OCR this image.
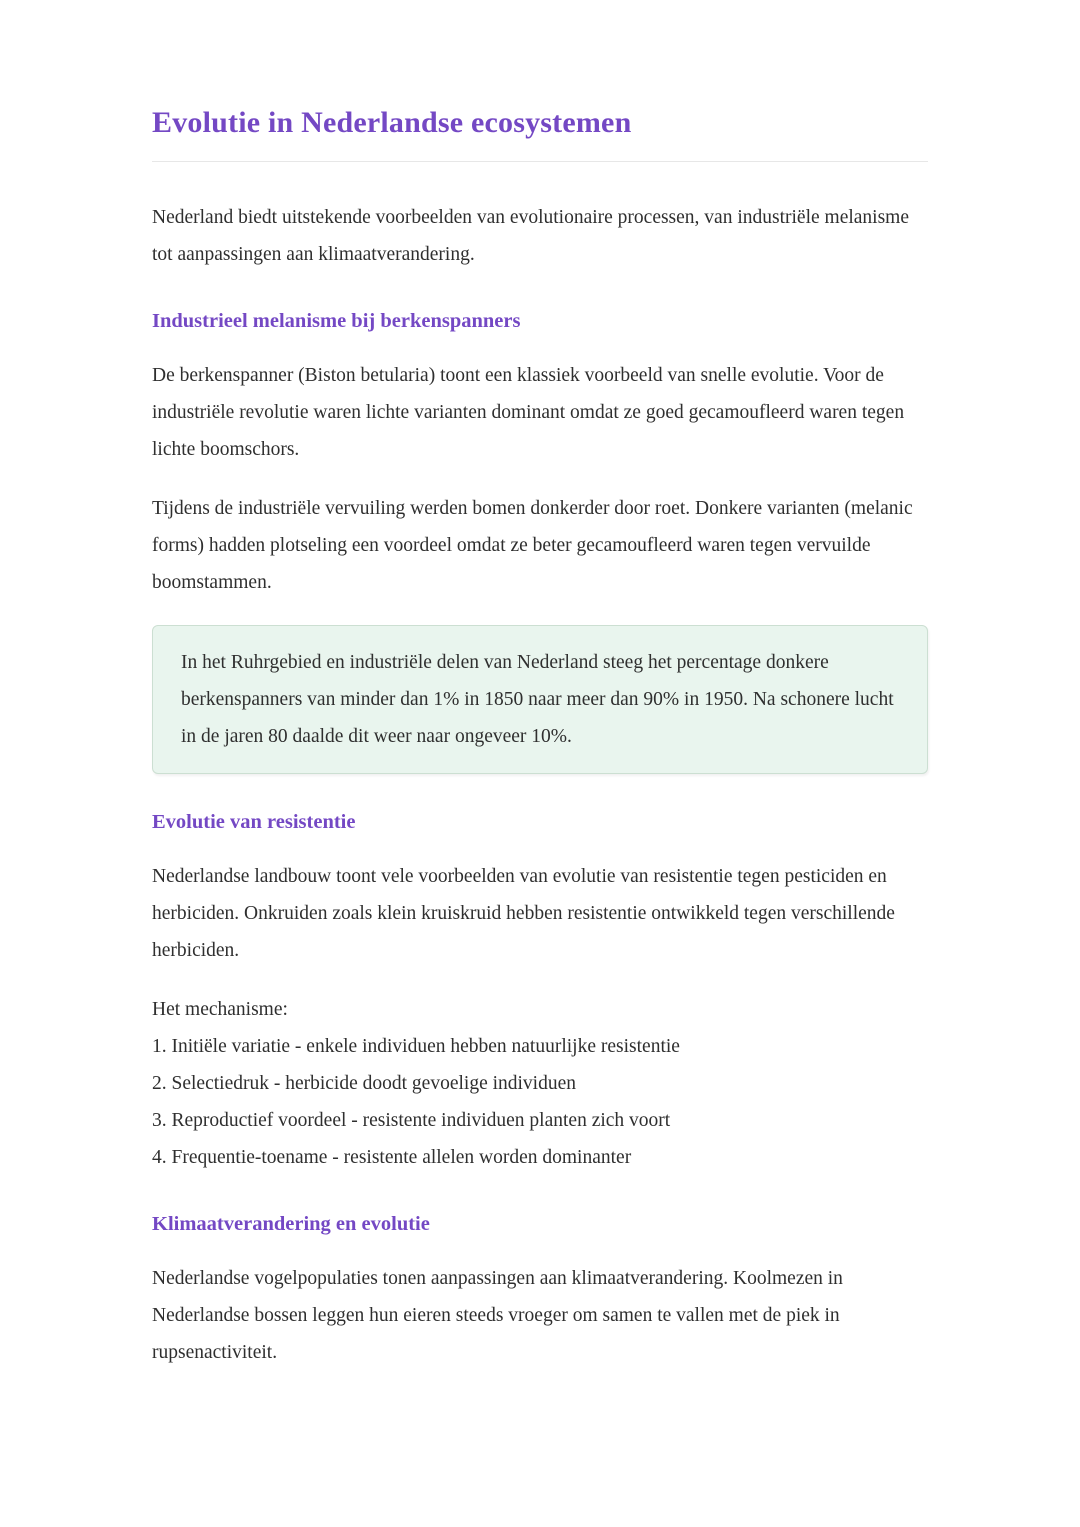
Evolutie in Nederlandse ecosystemen

Nederland biedt uitstekende voorbeelden van evolutionaire processen, van industriële melanisme tot aanpassingen aan klimaatverandering.

Industrieel melanisme bij berkenspanners

De berkenspanner (Biston betularia) toont een klassiek voorbeeld van snelle evolutie. Voor de industriële revolutie waren lichte varianten dominant omdat ze goed gecamoufleerd waren tegen lichte boomschors.

Tijdens de industriële vervuiling werden bomen donkerder door roet. Donkere varianten (melanic forms) hadden plotseling een voordeel omdat ze beter gecamoufleerd waren tegen vervuilde boomstammen.

In het Ruhrgebied en industriële delen van Nederland steeg het percentage donkere berkenspanners van minder dan 1% in 1850 naar meer dan 90% in 1950. Na schonere lucht in de jaren 80 daalde dit weer naar ongeveer 10%.

Evolutie van resistentie

Nederlandse landbouw toont vele voorbeelden van evolutie van resistentie tegen pesticiden en herbiciden. Onkruiden zoals klein kruiskruid hebben resistentie ontwikkeld tegen verschillende herbiciden.

Het mechanisme:

1. Initiële variatie - enkele individuen hebben natuurlijke resistentie

2. Selectiedruk - herbicide doodt gevoelige individuen

3. Reproductief voordeel - resistente individuen planten zich voort

4. Frequentie-toename - resistente allelen worden dominanter

Klimaatverandering en evolutie

Nederlandse vogelpopulaties tonen aanpassingen aan klimaatverandering. Koolmezen in Nederlandse bossen leggen hun eieren steeds vroeger om samen te vallen met de piek in rupsenactiviteit.
